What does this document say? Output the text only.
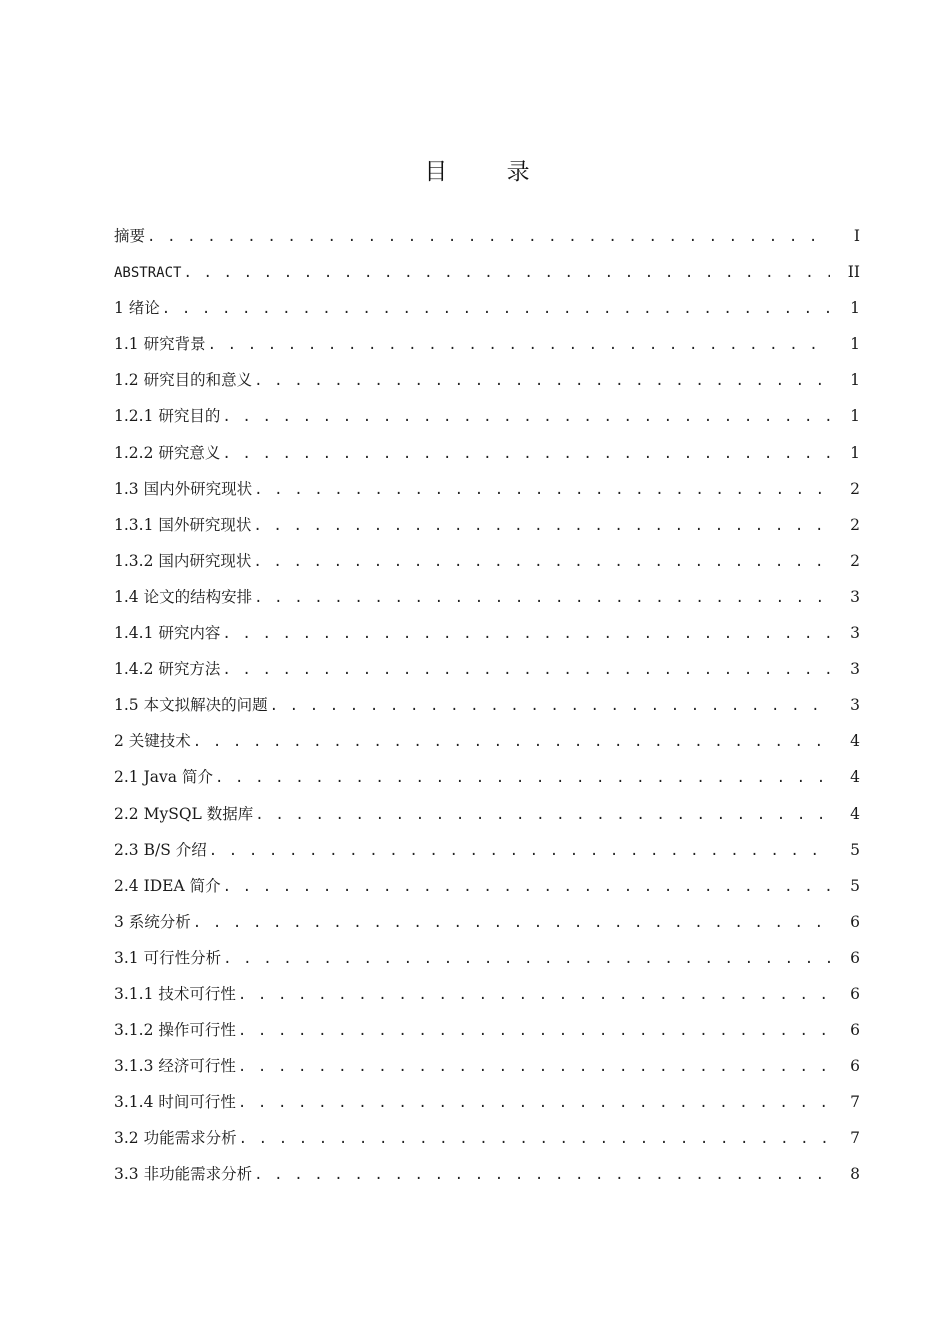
目 录
摘要 . . .	I
ABSTRACT . . .	II
1 绪论 . . .	1
1.1 研究背景 . . .	1
1.2 研究目的和意义 . . .	1
1.2.1 研究目的 . . .	1
1.2.2 研究意义 . . .	1
1.3 国内外研究现状 . . .	2
1.3.1 国外研究现状 . . .	2
1.3.2 国内研究现状 . . .	2
1.4 论文的结构安排 . . .	3
1.4.1 研究内容 . . .	3
1.4.2 研究方法 . . .	3
1.5 本文拟解决的问题 . . .	3
2 关键技术 . . .	4
2.1 Java 简介 . . .	4
2.2 MySQL 数据库 . . .	4
2.3 B/S 介绍 . . .	5
2.4 IDEA 简介 . . .	5
3 系统分析 . . .	6
3.1 可行性分析 . . .	6
3.1.1 技术可行性 . . .	6
3.1.2 操作可行性 . . .	6
3.1.3 经济可行性 . . .	6
3.1.4 时间可行性 . . .	7
3.2 功能需求分析 . . .	7
3.3 非功能需求分析 . . .	8
